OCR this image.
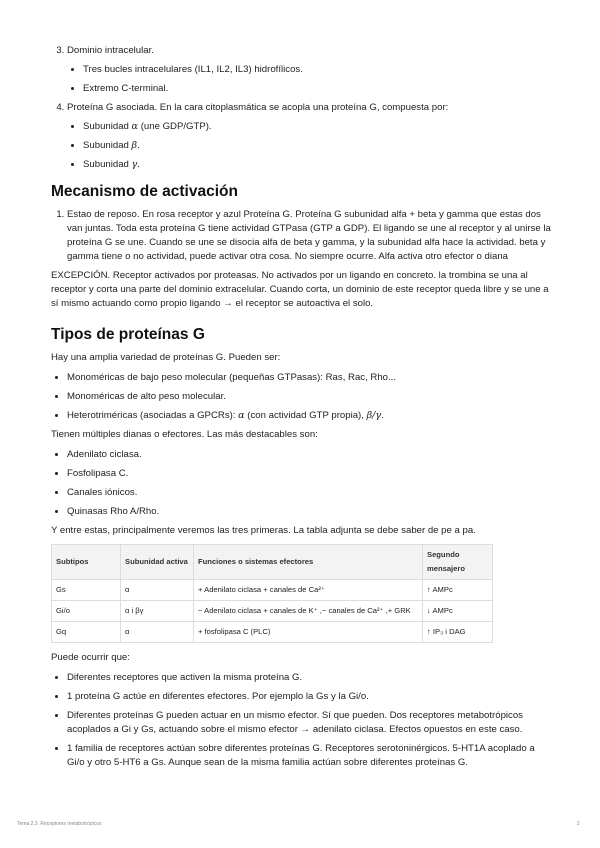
3. Dominio intracelular.
• Tres bucles intracelulares (IL1, IL2, IL3) hidrofílicos.
• Extremo C-terminal.
4. Proteína G asociada. En la cara citoplasmática se acopla una proteína G, compuesta por:
• Subunidad α (une GDP/GTP).
• Subunidad β.
• Subunidad γ.
Mecanismo de activación
1. Estao de reposo. En rosa receptor y azul Proteína G. Proteína G subunidad alfa + beta y gamma que estas dos van juntas. Toda esta proteína G tiene actividad GTPasa (GTP a GDP). El ligando se une al receptor y al unirse la proteína G se une. Cuando se une se disocia alfa de beta y gamma, y la subunidad alfa hace la actividad. beta y gamma tiene o no actividad, puede activar otra cosa. No siempre ocurre. Alfa activa otro efector o diana

EXCEPCIÓN. Receptor activados por proteasas. No activados por un ligando en concreto. la trombina se una al receptor y corta una parte del dominio extracelular. Cuando corta, un dominio de este receptor queda libre y se une a sí mismo actuando como propio ligando → el receptor se autoactiva el solo.

Tipos de proteínas G

Hay una amplia variedad de proteínas G. Pueden ser:

• Monoméricas de bajo peso molecular (pequeñas GTPasas): Ras, Rac, Rho...
• Monoméricas de alto peso molecular.
• Heterotriméricas (asociadas a GPCRs): α (con actividad GTP propia), β/γ.

Tienen múltiples dianas o efectores. Las más destacables son:

• Adenilato ciclasa.
• Fosfolipasa C.
• Canales iónicos.
• Quinasas Rho A/Rho.

Y entre estas, principalmente veremos las tres primeras. La tabla adjunta se debe saber de pe a pa.

Subtipos	Subunidad activa	Funciones o sistemas efectores	Segundo mensajero
Gs	α	+ Adenilato ciclasa + canales de Ca²⁺	↑ AMPc
Gi/o	α i βγ	− Adenilato ciclasa + canales de K⁺ ,− canales de Ca²⁺ ,+ GRK	↓ AMPc
Gq	α	+ fosfolipasa C (PLC)	↑ IP₃ i DAG

Puede ocurrir que:

• Diferentes receptores que activen la misma proteína G.
• 1 proteína G actúe en diferentes efectores. Por ejemplo la Gs y la Gi/o.
• Diferentes proteínas G pueden actuar en un mismo efector. Sí que pueden. Dos receptores metabotrópicos acoplados a Gi y Gs, actuando sobre el mismo efector → adenilato ciclasa. Efectos opuestos en este caso.
• 1 familia de receptores actúan sobre diferentes proteínas G. Receptores serotoninérgicos. 5-HT1A acoplado a Gi/o y otro 5-HT6 a Gs. Aunque sean de la misma familia actúan sobre diferentes proteínas G.
Tema 2.3. Receptores metabotrópicos	2
